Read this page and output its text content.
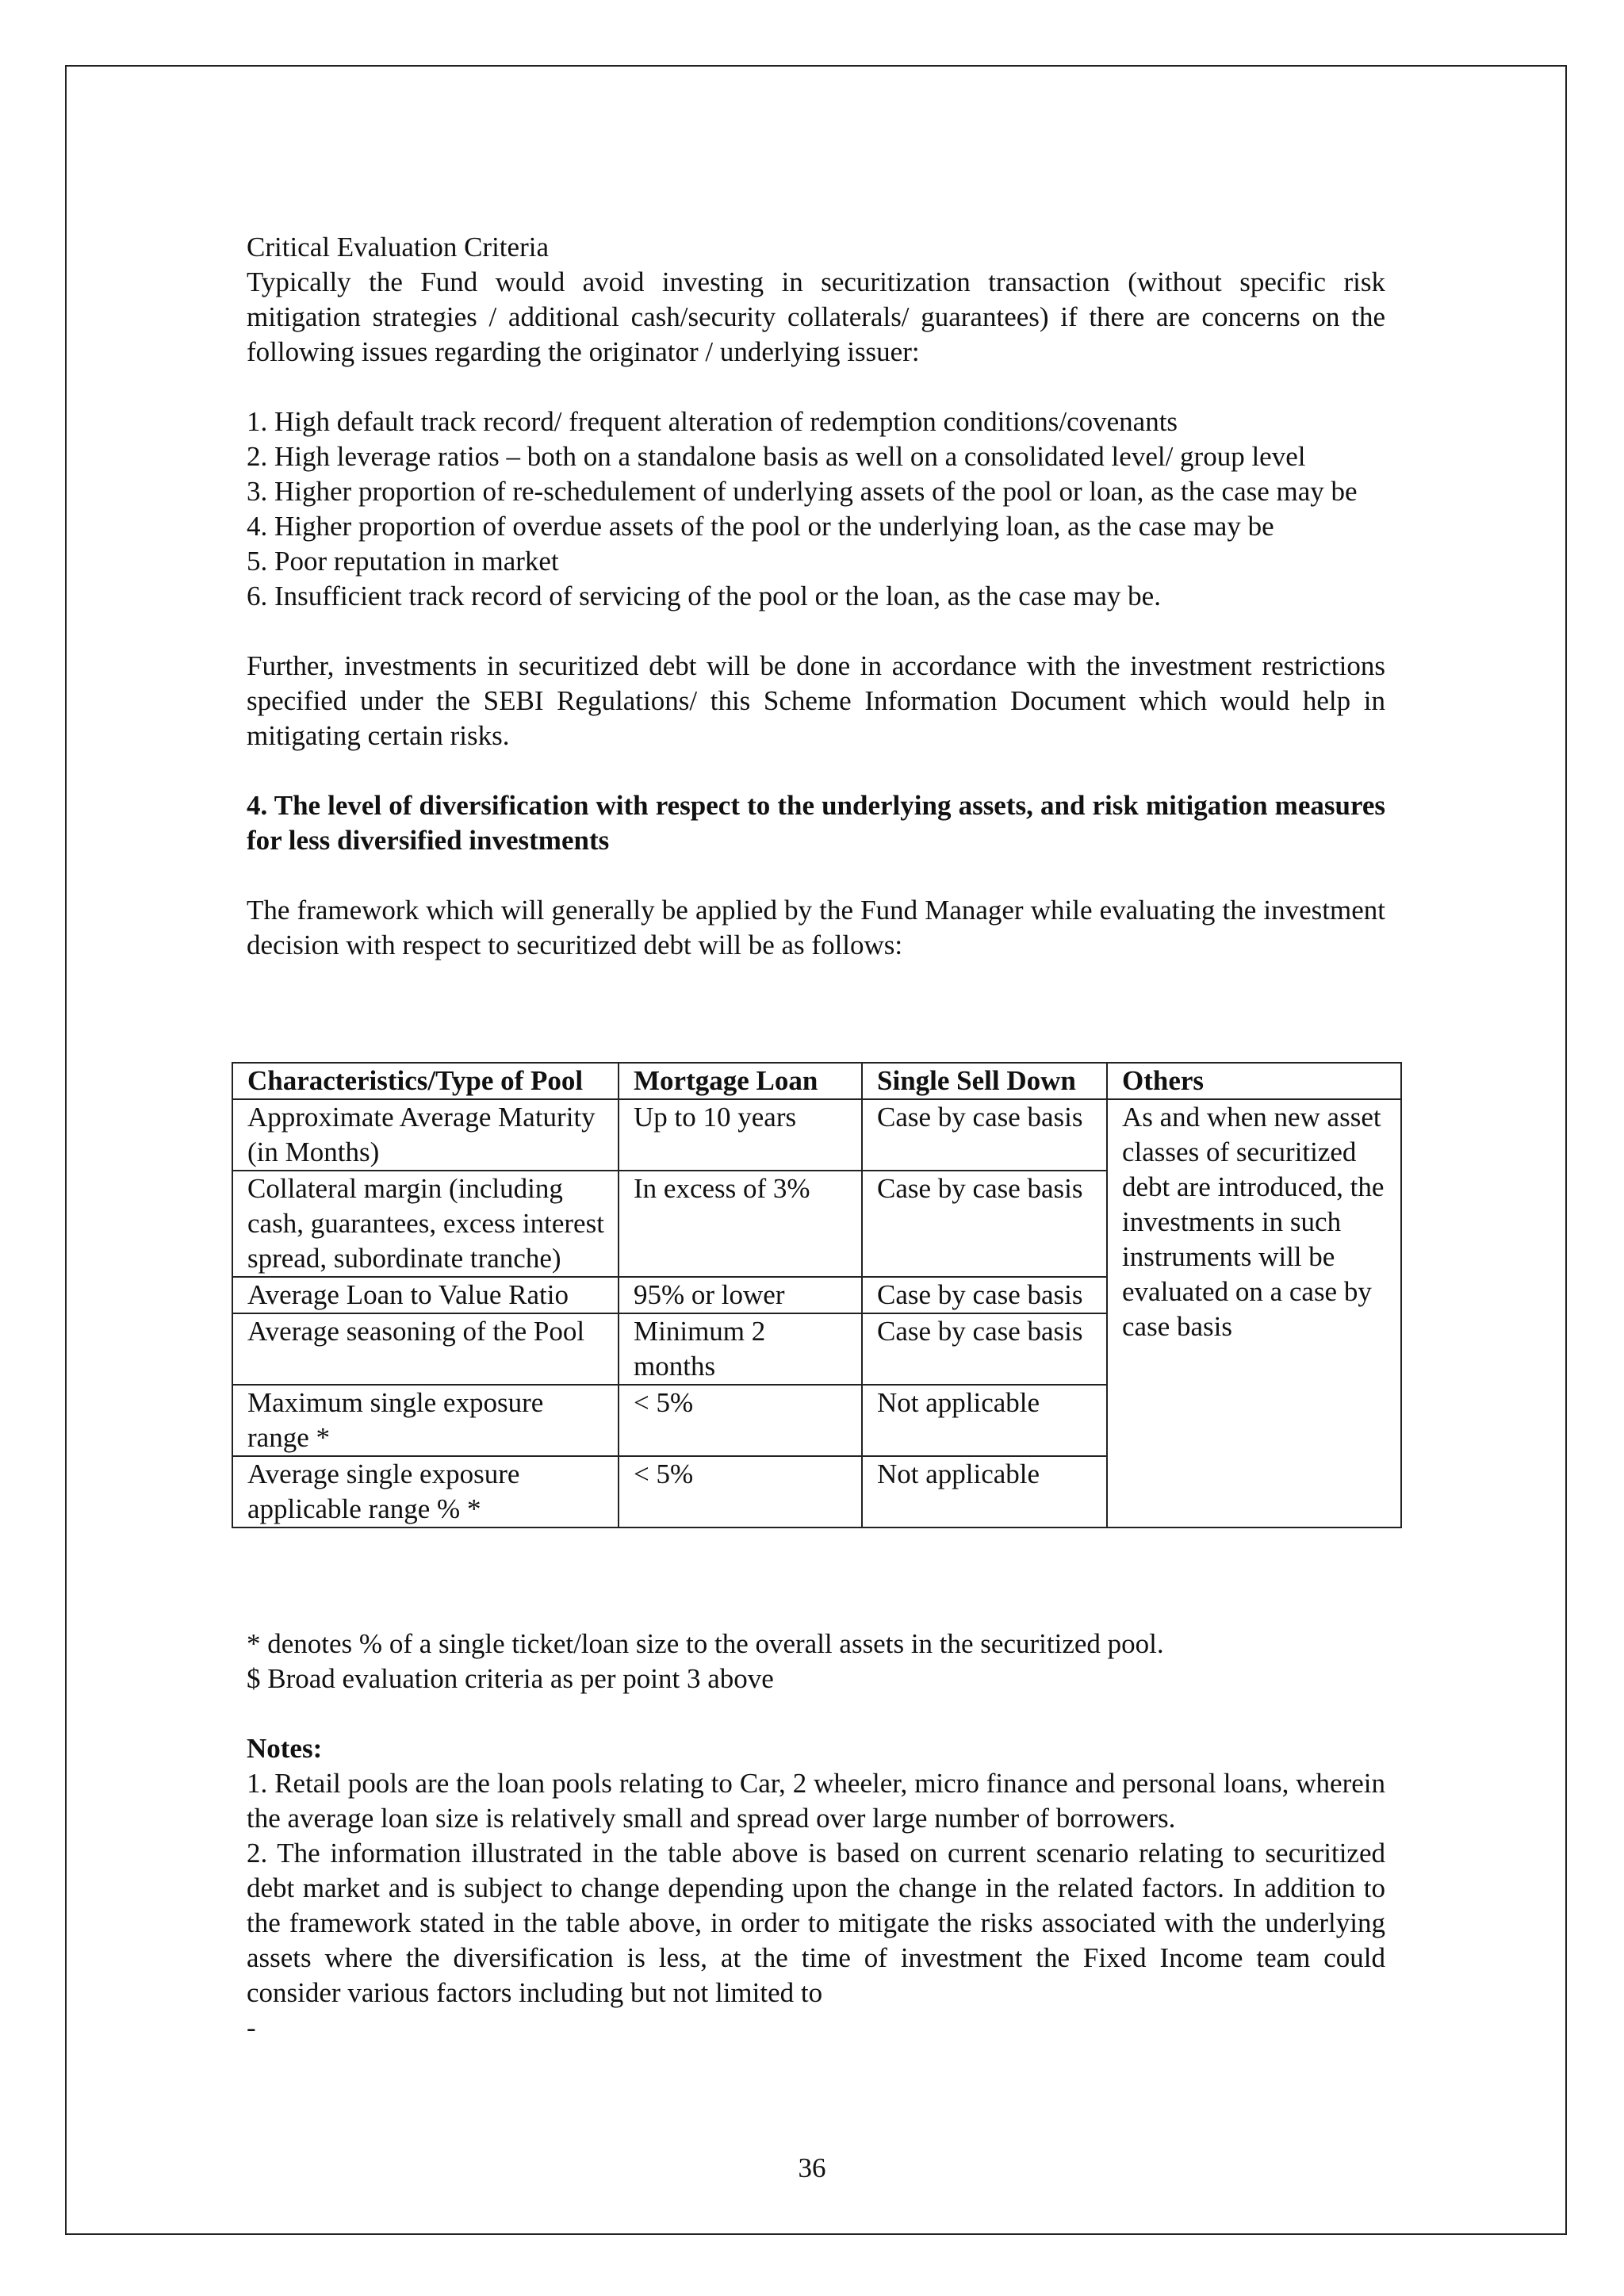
Critical Evaluation Criteria

Typically the Fund would avoid investing in securitization transaction (without specific risk mitigation strategies / additional cash/security collaterals/ guarantees) if there are concerns on the following issues regarding the originator / underlying issuer:

1. High default track record/ frequent alteration of redemption conditions/covenants

2. High leverage ratios – both on a standalone basis as well on a consolidated level/ group level

3. Higher proportion of re-schedulement of underlying assets of the pool or loan, as the case may be

4. Higher proportion of overdue assets of the pool or the underlying loan, as the case may be

5. Poor reputation in market

6. Insufficient track record of servicing of the pool or the loan, as the case may be.

Further, investments in securitized debt will be done in accordance with the investment restrictions specified under the SEBI Regulations/ this Scheme Information Document which would help in mitigating certain risks.

4. The level of diversification with respect to the underlying assets, and risk mitigation measures for less diversified investments

The framework which will generally be applied by the Fund Manager while evaluating the investment decision with respect to securitized debt will be as follows:

Characteristics/Type of Pool	Mortgage Loan	Single Sell Down	Others
Approximate Average Maturity (in Months)	Up to 10 years	Case by case basis	As and when new asset classes of securitized debt are introduced, the investments in such instruments will be evaluated on a case by case basis
Collateral margin (including cash, guarantees, excess interest spread, subordinate tranche)	In excess of 3%	Case by case basis	
Average Loan to Value Ratio	95% or lower	Case by case basis	
Average seasoning of the Pool	Minimum 2 months	Case by case basis	
Maximum single exposure range *	< 5%	Not applicable	
Average single exposure applicable range % *	< 5%	Not applicable	

* denotes % of a single ticket/loan size to the overall assets in the securitized pool.

$ Broad evaluation criteria as per point 3 above

Notes:

1. Retail pools are the loan pools relating to Car, 2 wheeler, micro finance and personal loans, wherein the average loan size is relatively small and spread over large number of borrowers.

2. The information illustrated in the table above is based on current scenario relating to securitized debt market and is subject to change depending upon the change in the related factors. In addition to the framework stated in the table above, in order to mitigate the risks associated with the underlying assets where the diversification is less, at the time of investment the Fixed Income team could consider various factors including but not limited to

-

36
